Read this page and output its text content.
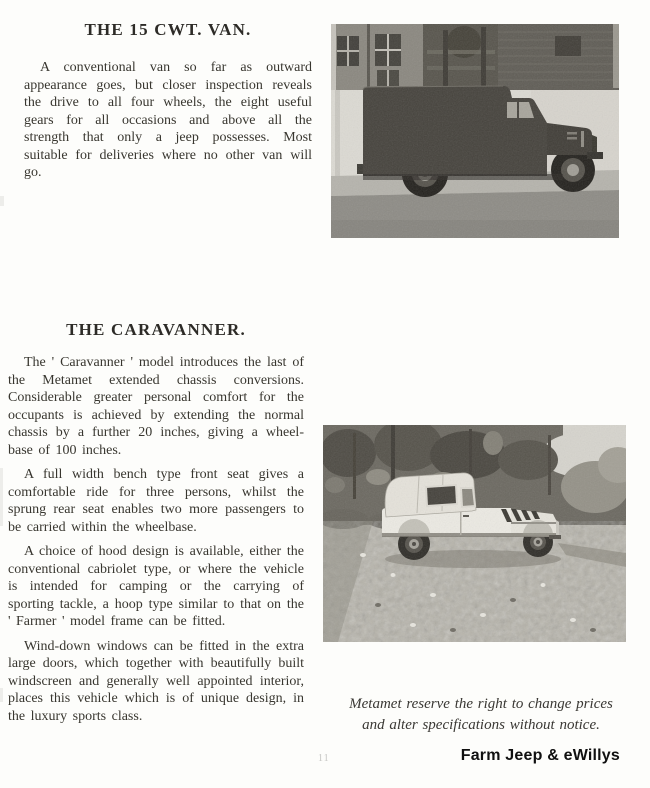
THE 15 CWT. VAN.

A conventional van so far as outward appearance goes, but closer inspection reveals the drive to all four wheels, the eight useful gears for all occasions and above all the strength that only a jeep possesses. Most suitable for deliveries where no other van will go.

THE CARAVANNER.

The ' Caravanner ' model introduces the last of the Metamet extended chassis conversions. Considerable greater personal comfort for the occupants is achieved by extending the normal chassis by a further 20 inches, giving a wheel-base of 100 inches.

A full width bench type front seat gives a comfortable ride for three persons, whilst the sprung rear seat enables two more passengers to be carried within the wheelbase.

A choice of hood design is available, either the conventional cabriolet type, or where the vehicle is intended for camping or the carrying of sporting tackle, a hoop type similar to that on the ' Farmer ' model frame can be fitted.

Wind-down windows can be fitted in the extra large doors, which together with beautifully built windscreen and generally well appointed interior, places this vehicle which is of unique design, in the luxury sports class.

Metamet reserve the right to change prices and alter specifications without notice.
Farm Jeep & eWillys
11
